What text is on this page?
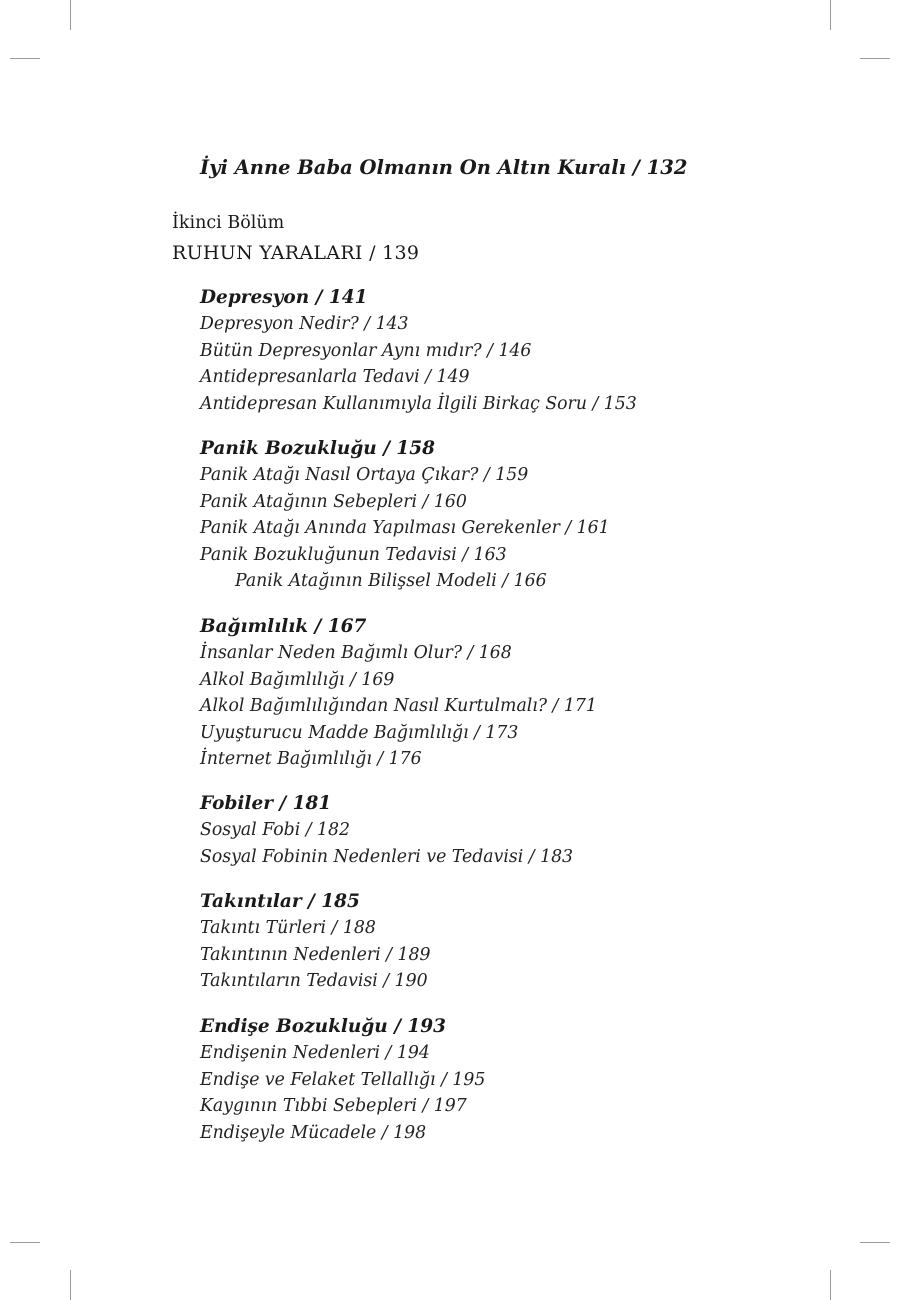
İyi Anne Baba Olmanın On Altın Kuralı / 132
İkinci Bölüm
RUHUN YARALARI / 139
Depresyon / 141
Depresyon Nedir? / 143
Bütün Depresyonlar Aynı mıdır? / 146
Antidepresanlarla Tedavi / 149
Antidepresan Kullanımıyla İlgili Birkaç Soru / 153
Panik Bozukluğu / 158
Panik Atağı Nasıl Ortaya Çıkar? / 159
Panik Atağının Sebepleri / 160
Panik Atağı Anında Yapılması Gerekenler / 161
Panik Bozukluğunun Tedavisi / 163
Panik Atağının Bilişsel Modeli / 166
Bağımlılık / 167
İnsanlar Neden Bağımlı Olur? / 168
Alkol Bağımlılığı / 169
Alkol Bağımlılığından Nasıl Kurtulmalı? / 171
Uyuşturucu Madde Bağımlılığı / 173
İnternet Bağımlılığı / 176
Fobiler / 181
Sosyal Fobi / 182
Sosyal Fobinin Nedenleri ve Tedavisi / 183
Takıntılar / 185
Takıntı Türleri / 188
Takıntının Nedenleri / 189
Takıntıların Tedavisi / 190
Endişe Bozukluğu / 193
Endişenin Nedenleri / 194
Endişe ve Felaket Tellallığı / 195
Kaygının Tıbbi Sebepleri / 197
Endişeyle Mücadele / 198
